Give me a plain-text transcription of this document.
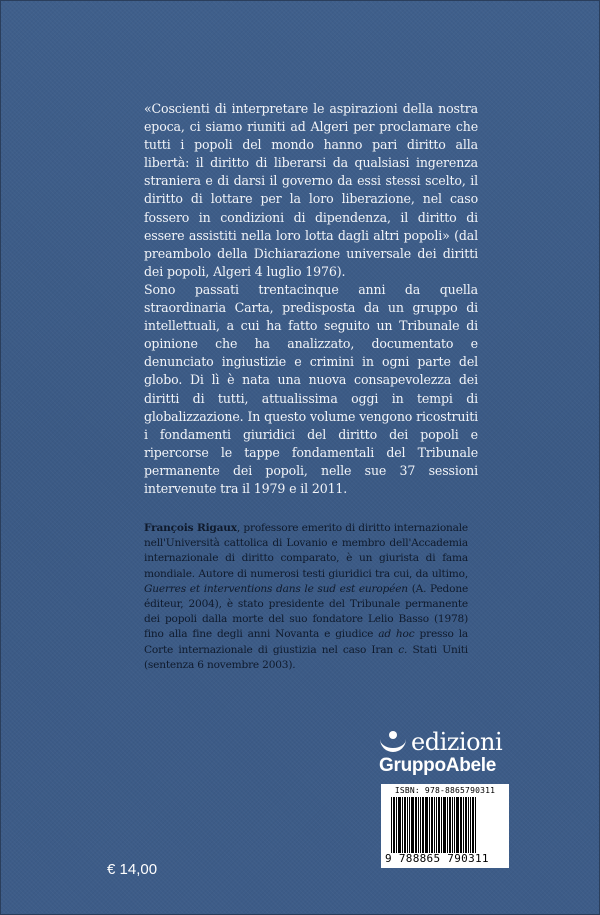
«Coscienti di interpretare le aspirazioni della nostra epoca, ci siamo riuniti ad Algeri per proclamare che tutti i popoli del mondo hanno pari diritto alla libertà: il diritto di liberarsi da qualsiasi ingerenza straniera e di darsi il governo da essi stessi scelto, il diritto di lottare per la loro liberazione, nel caso fossero in condizioni di dipendenza, il diritto di essere assistiti nella loro lotta dagli altri popoli» (dal preambolo della Dichiarazione universale dei diritti dei popoli, Algeri 4 luglio 1976).

Sono passati trentacinque anni da quella straordinaria Carta, predisposta da un gruppo di intellettuali, a cui ha fatto seguito un Tribunale di opinione che ha analizzato, documentato e denunciato ingiustizie e crimini in ogni parte del globo. Di lì è nata una nuova consapevolezza dei diritti di tutti, attualissima oggi in tempi di globalizzazione. In questo volume vengono ricostruiti i fondamenti giuridici del diritto dei popoli e ripercorse le tappe fondamentali del Tribunale permanente dei popoli, nelle sue 37 sessioni intervenute tra il 1979 e il 2011.

François Rigaux, professore emerito di diritto internazionale nell'Università cattolica di Lovanio e membro dell'Accademia internazionale di diritto comparato, è un giurista di fama mondiale. Autore di numerosi testi giuridici tra cui, da ultimo, Guerres et interventions dans le sud est européen (A. Pedone éditeur, 2004), è stato presidente del Tribunale permanente dei popoli dalla morte del suo fondatore Lelio Basso (1978) fino alla fine degli anni Novanta e giudice ad hoc presso la Corte internazionale di giustizia nel caso Iran c. Stati Uniti (sentenza 6 novembre 2003).

edizioni
GruppoAbele
ISBN: 978-8865790311
9 788865 790311
€ 14,00
